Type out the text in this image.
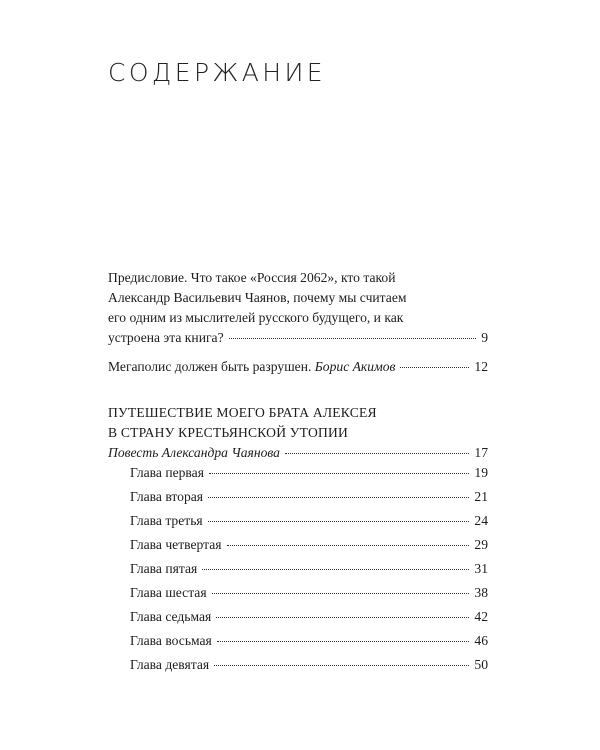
СОДЕРЖАНИЕ
Предисловие. Что такое «Россия 2062», кто такой
Александр Васильевич Чаянов, почему мы считаем
его одним из мыслителей русского будущего, и как
устроена эта книга?	9
Мегаполис должен быть разрушен. Борис Акимов	12
ПУТЕШЕСТВИЕ МОЕГО БРАТА АЛЕКСЕЯ
В СТРАНУ КРЕСТЬЯНСКОЙ УТОПИИ
Повесть Александра Чаянова	17
Глава первая	19
Глава вторая	21
Глава третья	24
Глава четвертая	29
Глава пятая	31
Глава шестая	38
Глава седьмая	42
Глава восьмая	46
Глава девятая	50
